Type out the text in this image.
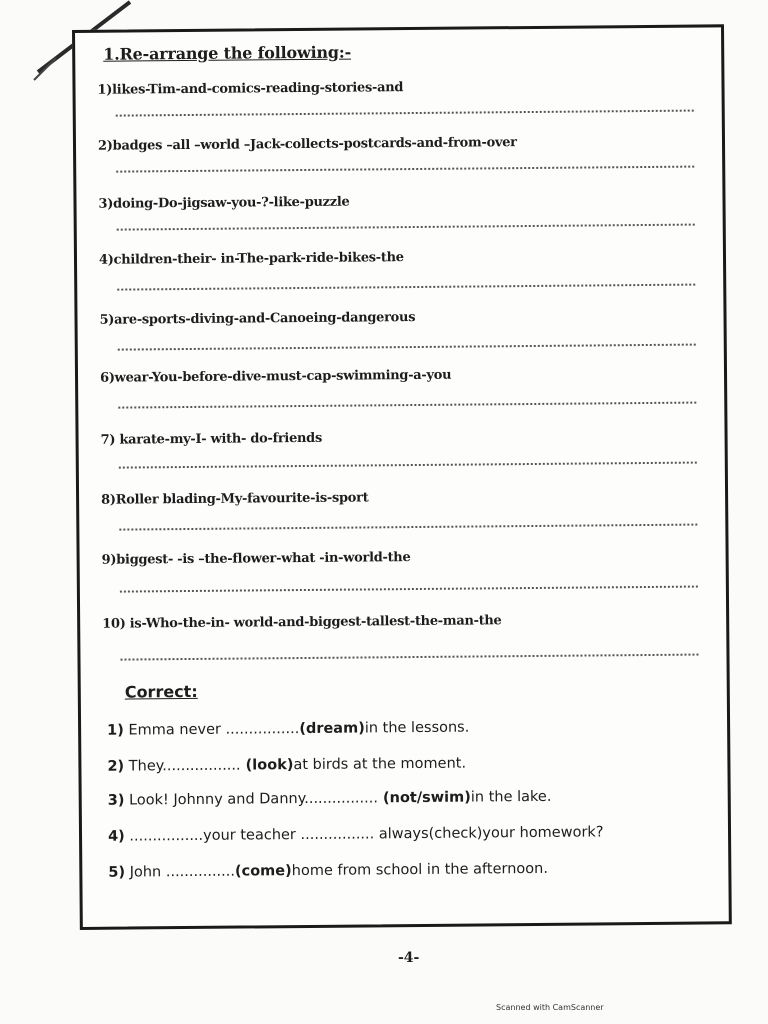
1.Re-arrange the following:-
1)likes-Tim-and-comics-reading-stories-and
2)badges –all –world –Jack-collects-postcards-and-from-over
3)doing-Do-jigsaw-you-?-like-puzzle
4)children-their- in-The-park-ride-bikes-the
5)are-sports-diving-and-Canoeing-dangerous
6)wear-You-before-dive-must-cap-swimming-a-you
7) karate-my-I- with- do-friends
8)Roller blading-My-favourite-is-sport
9)biggest- -is –the-flower-what -in-world-the
10) is-Who-the-in- world-and-biggest-tallest-the-man-the
Correct:
1) Emma never ................(dream)in the lessons.
2) They................. (look)at birds at the moment.
3) Look! Johnny and Danny................ (not/swim)in the lake.
4) ................your teacher ................ always(check)your homework?
5) John ...............(come)home from school in the afternoon.
-4-
Scanned with CamScanner
